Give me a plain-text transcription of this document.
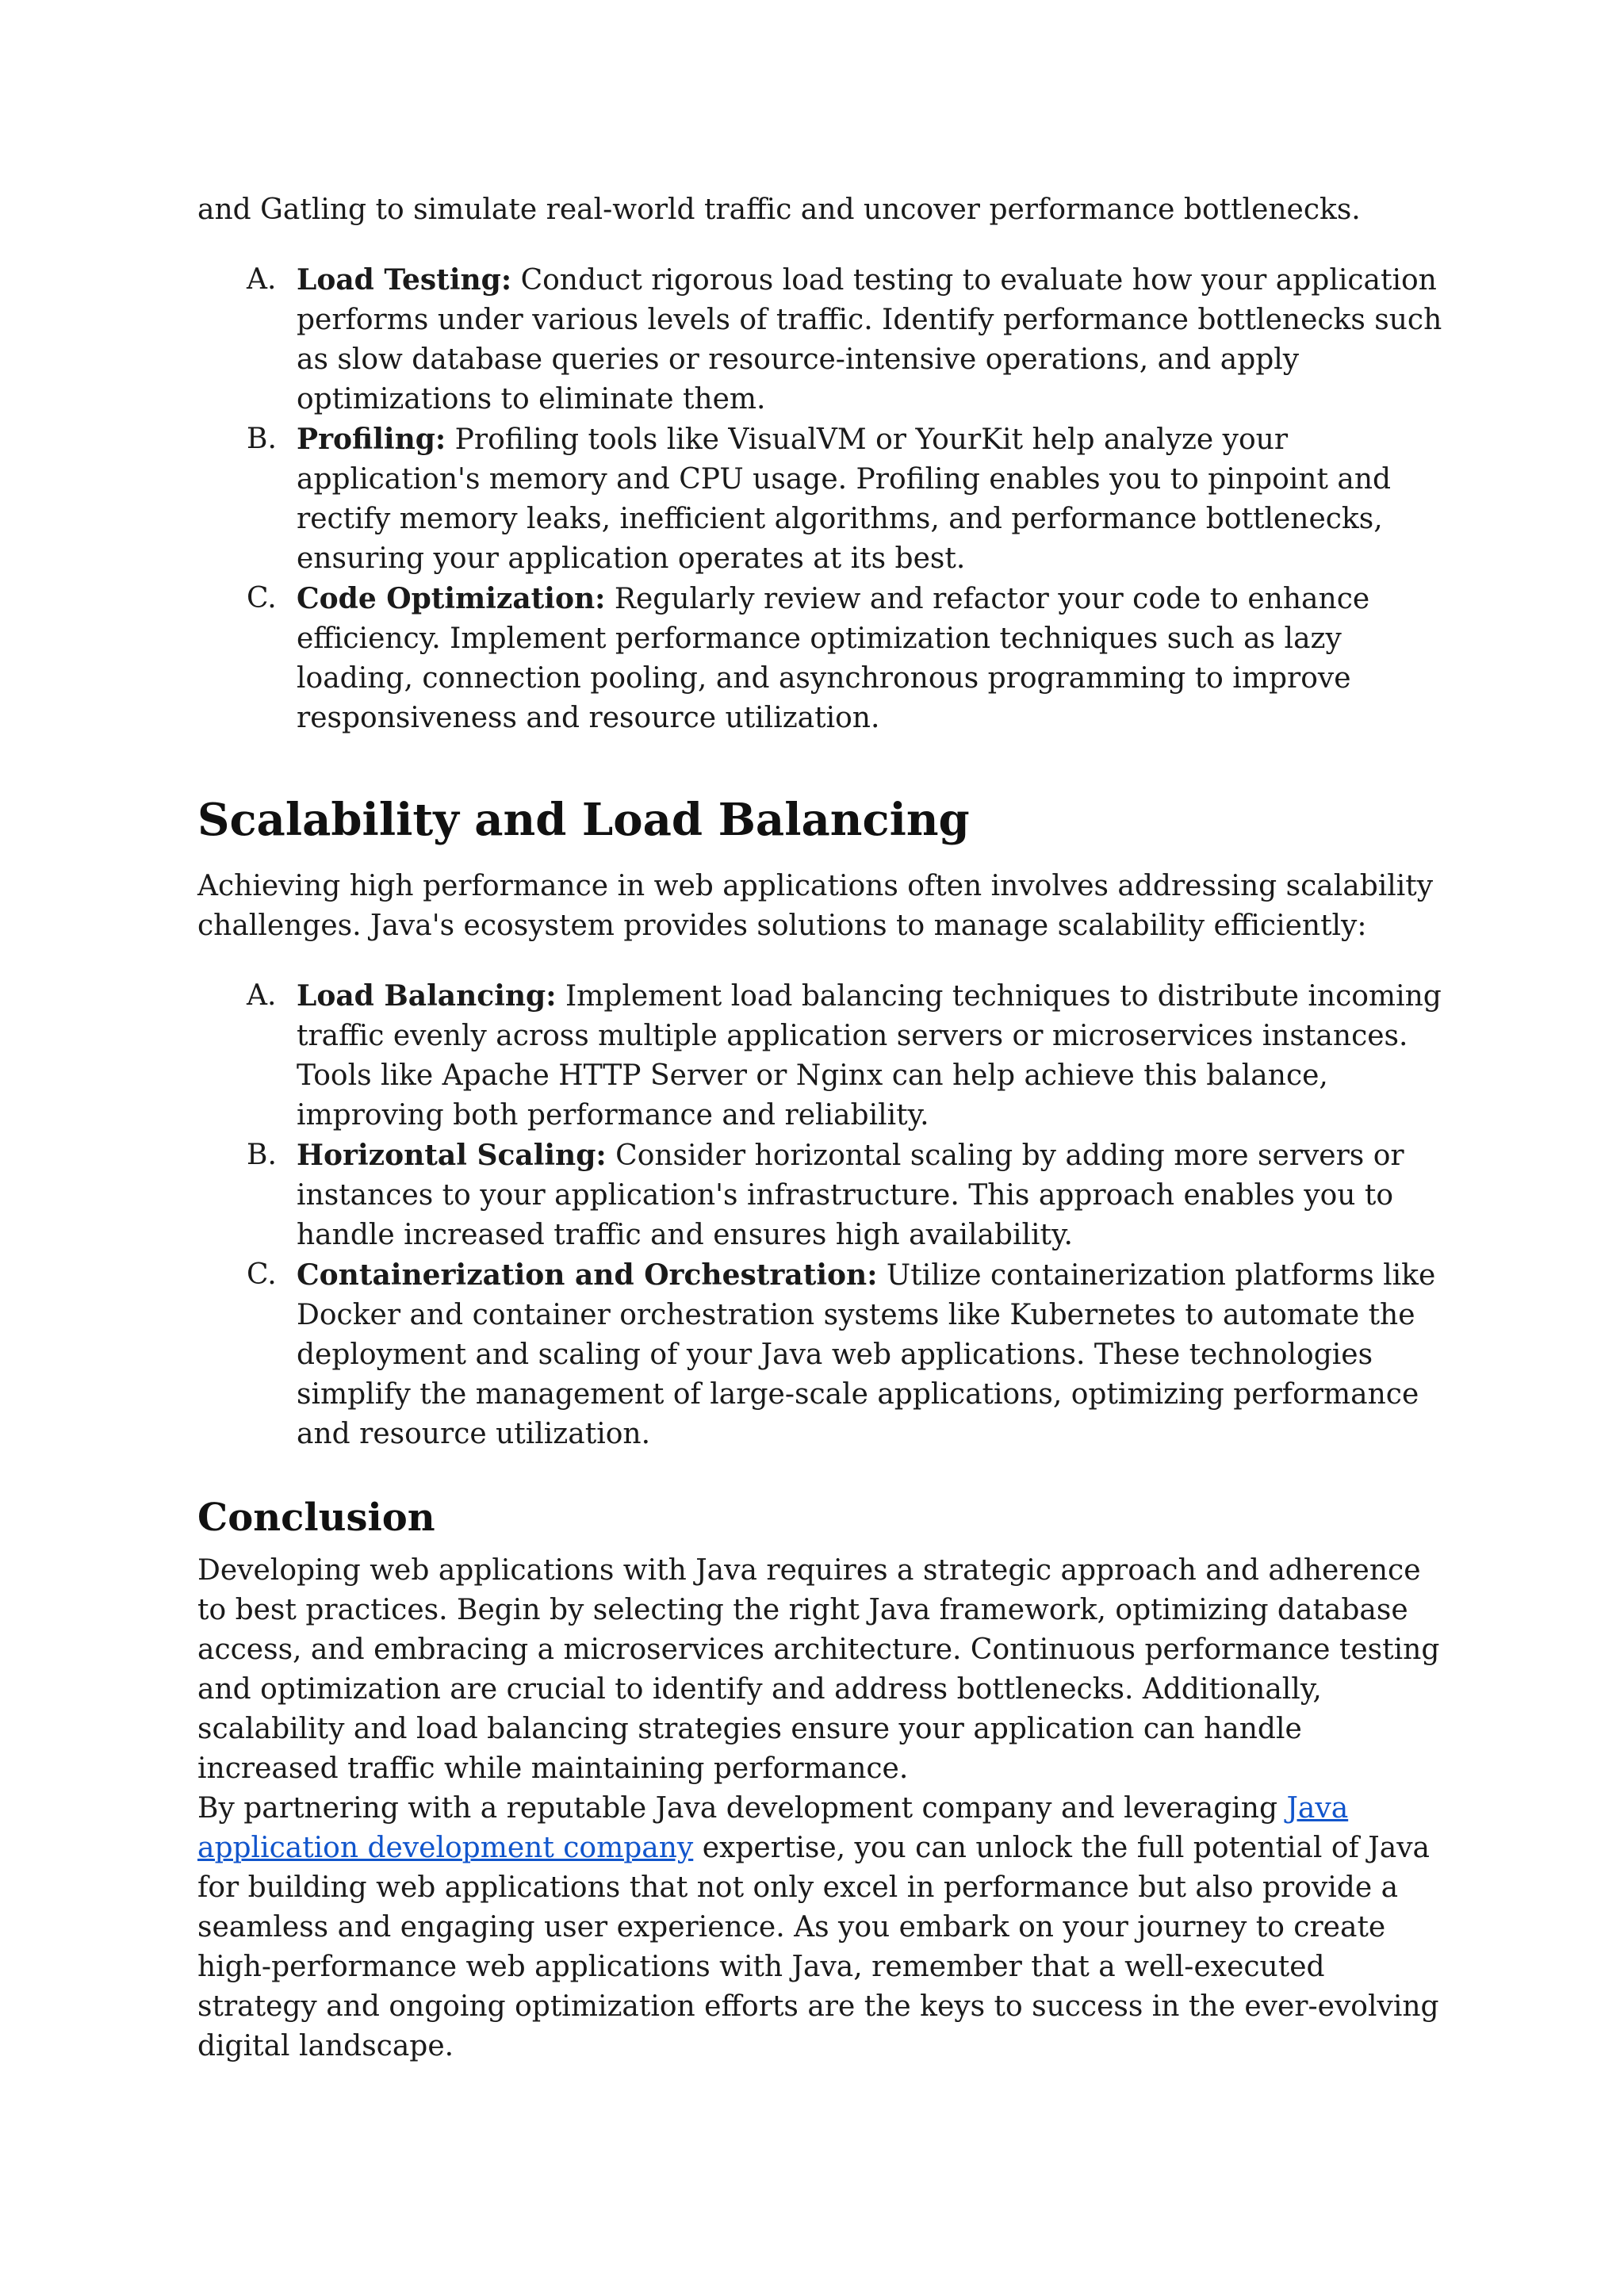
and Gatling to simulate real-world traffic and uncover performance bottlenecks.

A. Load Testing: Conduct rigorous load testing to evaluate how your application performs under various levels of traffic. Identify performance bottlenecks such as slow database queries or resource-intensive operations, and apply optimizations to eliminate them.
B. Profiling: Profiling tools like VisualVM or YourKit help analyze your application's memory and CPU usage. Profiling enables you to pinpoint and rectify memory leaks, inefficient algorithms, and performance bottlenecks, ensuring your application operates at its best.
C. Code Optimization: Regularly review and refactor your code to enhance efficiency. Implement performance optimization techniques such as lazy loading, connection pooling, and asynchronous programming to improve responsiveness and resource utilization.
Scalability and Load Balancing

Achieving high performance in web applications often involves addressing scalability challenges. Java's ecosystem provides solutions to manage scalability efficiently:

A. Load Balancing: Implement load balancing techniques to distribute incoming traffic evenly across multiple application servers or microservices instances. Tools like Apache HTTP Server or Nginx can help achieve this balance, improving both performance and reliability.
B. Horizontal Scaling: Consider horizontal scaling by adding more servers or instances to your application's infrastructure. This approach enables you to handle increased traffic and ensures high availability.
C. Containerization and Orchestration: Utilize containerization platforms like Docker and container orchestration systems like Kubernetes to automate the deployment and scaling of your Java web applications. These technologies simplify the management of large-scale applications, optimizing performance and resource utilization.
Conclusion

Developing web applications with Java requires a strategic approach and adherence to best practices. Begin by selecting the right Java framework, optimizing database access, and embracing a microservices architecture. Continuous performance testing and optimization are crucial to identify and address bottlenecks. Additionally, scalability and load balancing strategies ensure your application can handle increased traffic while maintaining performance.

By partnering with a reputable Java development company and leveraging Java application development company expertise, you can unlock the full potential of Java for building web applications that not only excel in performance but also provide a seamless and engaging user experience. As you embark on your journey to create high-performance web applications with Java, remember that a well-executed strategy and ongoing optimization efforts are the keys to success in the ever-evolving digital landscape.
